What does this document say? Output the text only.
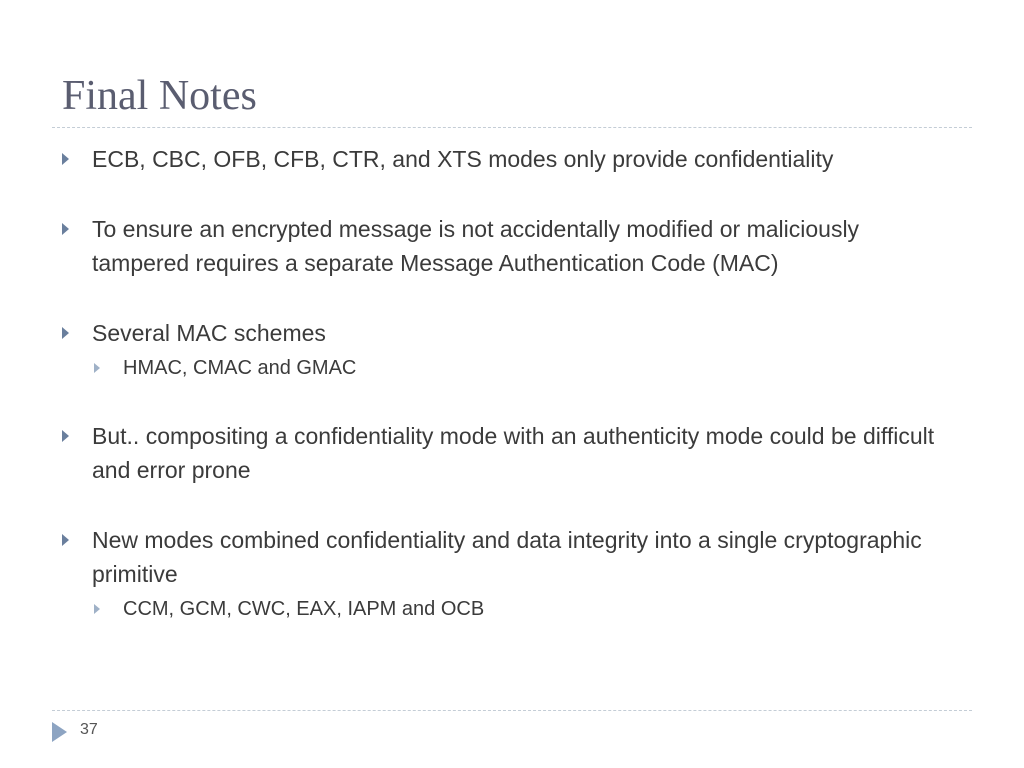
Final Notes
ECB, CBC, OFB, CFB, CTR, and XTS modes only provide confidentiality
To ensure an encrypted message is not accidentally modified or maliciously tampered requires a separate Message Authentication Code (MAC)
Several MAC schemes
HMAC, CMAC and GMAC
But.. compositing a confidentiality mode with an authenticity mode could be difficult and error prone
New modes combined confidentiality and data integrity into a single cryptographic primitive
CCM, GCM, CWC, EAX, IAPM and OCB
37
